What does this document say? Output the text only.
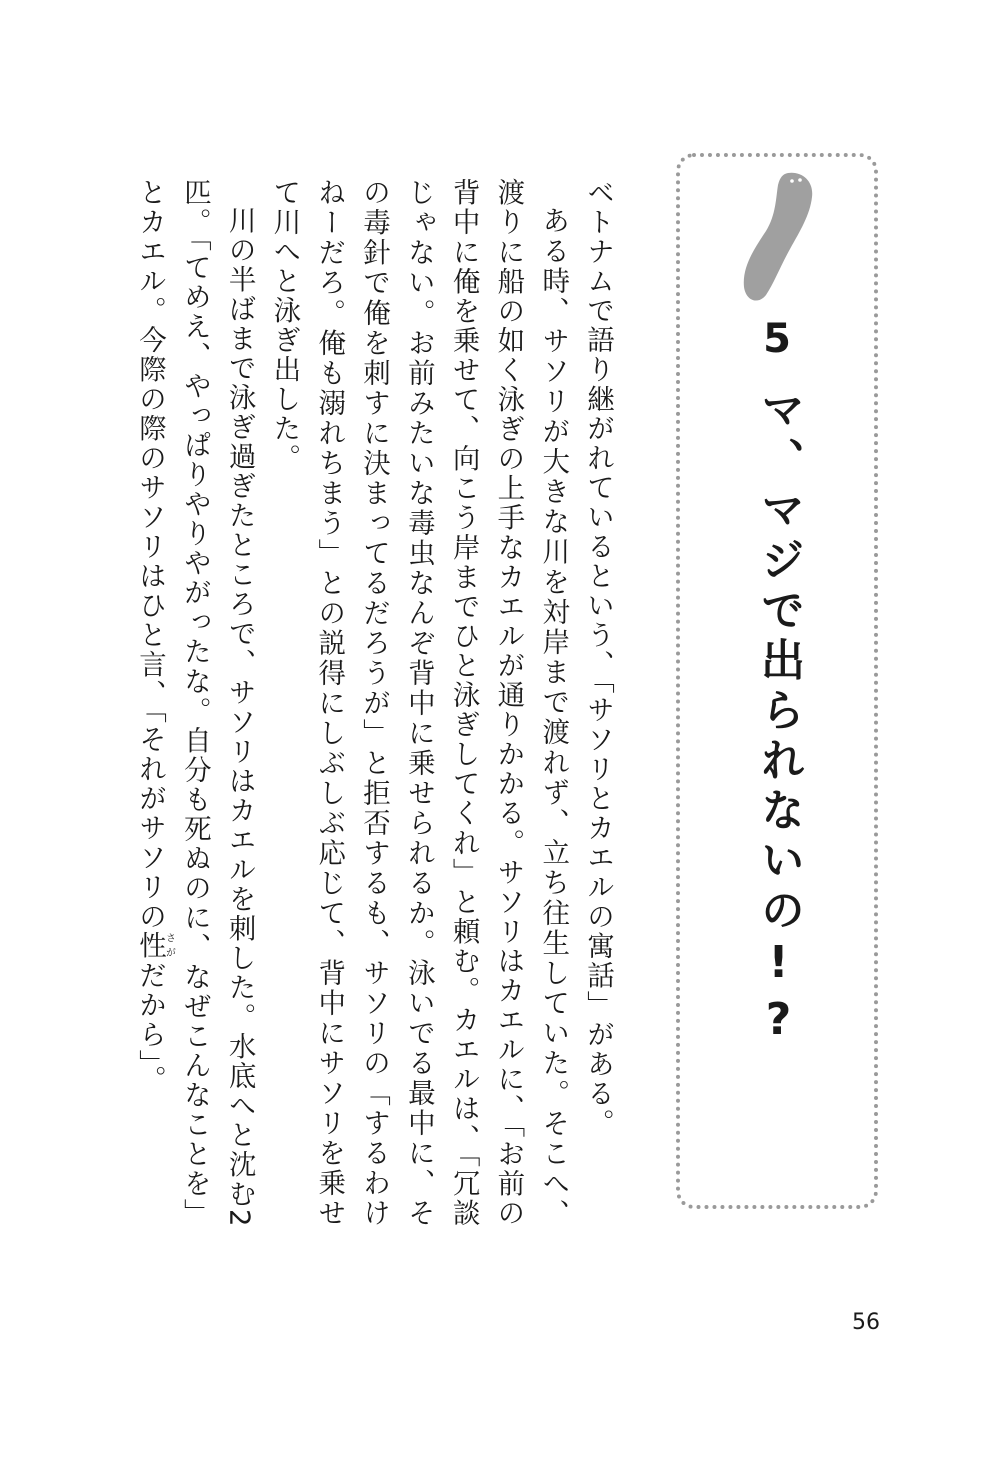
5
マ、マジで出られないの!?

ベトナムで語り継がれているという、「サソリとカエルの寓話」がある。

ある時、サソリが大きな川を対岸まで渡れず、立ち往生していた。そこへ、渡りに船の如く泳ぎの上手なカエルが通りかかる。サソリはカエルに、「お前の背中に俺を乗せて、向こう岸までひと泳ぎしてくれ」と頼む。カエルは、「冗談じゃない。お前みたいな毒虫なんぞ背中に乗せられるか。泳いでる最中に、その毒針で俺を刺すに決まってるだろうが」と拒否するも、サソリの「するわけねーだろ。俺も溺れちまう」との説得にしぶしぶ応じて、背中にサソリを乗せて川へと泳ぎ出した。

川の半ばまで泳ぎ過ぎたところで、サソリはカエルを刺した。水底へと沈む2匹。「てめえ、やっぱりやりやがったな。自分も死ぬのに、なぜこんなことを」とカエル。今際の際のサソリはひと言、「それがサソリの性さがだから」。

56
